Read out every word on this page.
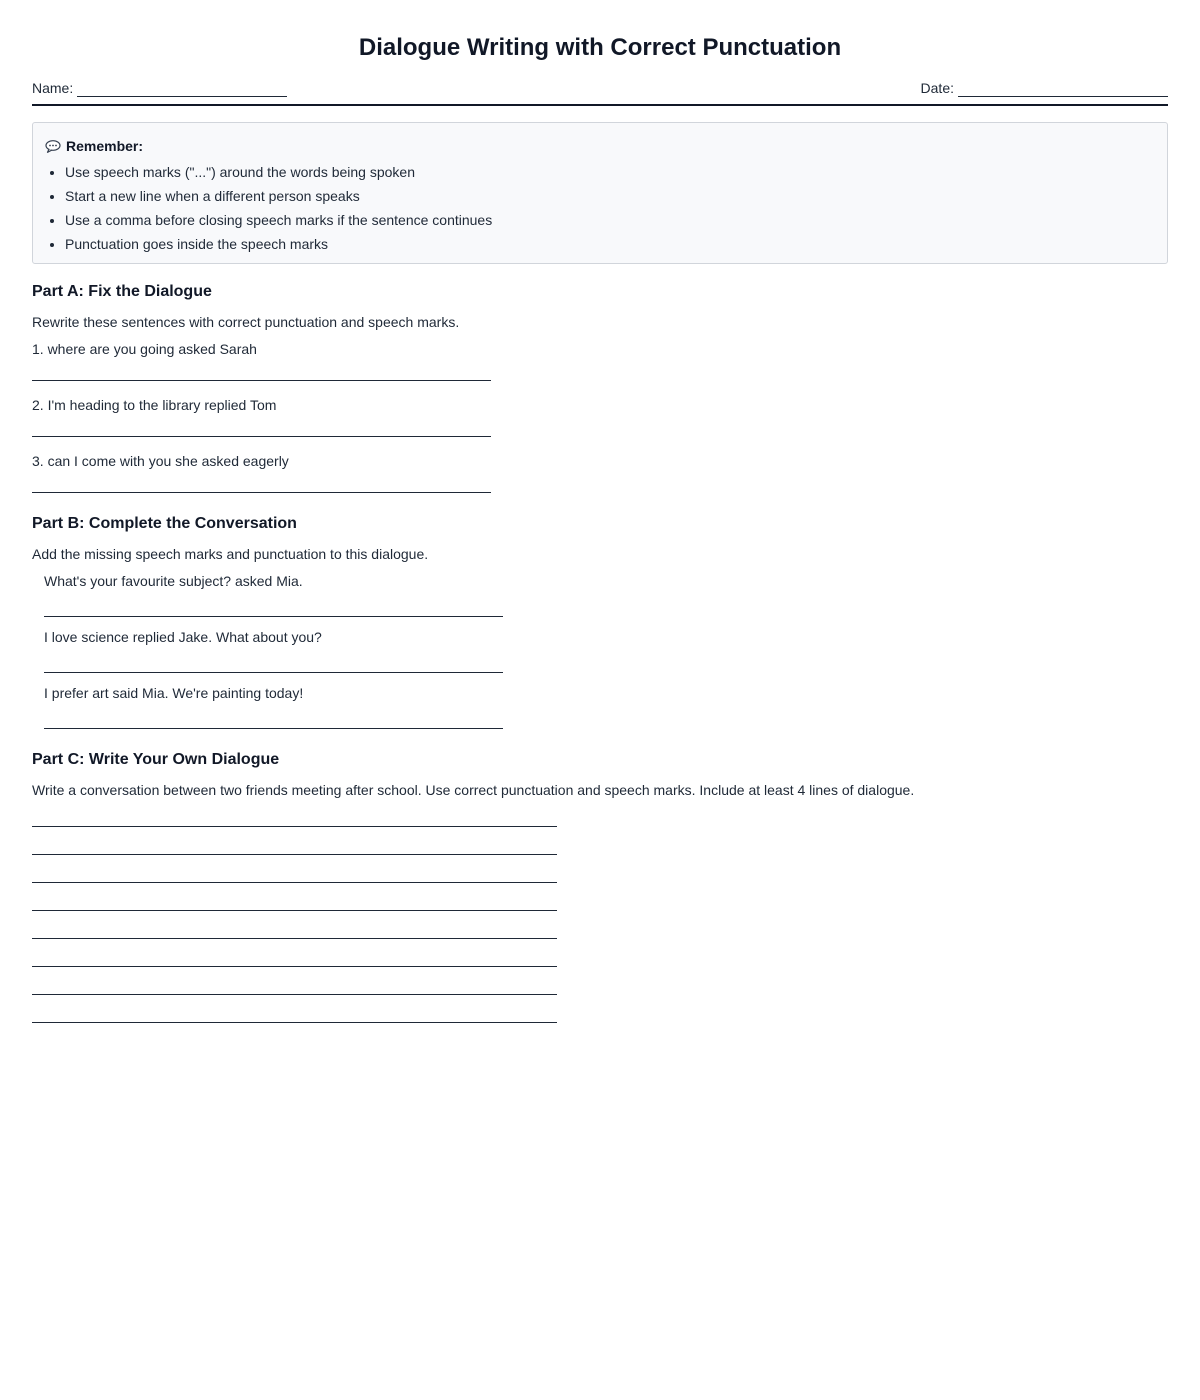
Dialogue Writing with Correct Punctuation
Name:	Date:
Remember:
• Use speech marks ("...") around the words being spoken
• Start a new line when a different person speaks
• Use a comma before closing speech marks if the sentence continues
• Punctuation goes inside the speech marks
Part A: Fix the Dialogue
Rewrite these sentences with correct punctuation and speech marks.
1. where are you going asked Sarah
2. I'm heading to the library replied Tom
3. can I come with you she asked eagerly
Part B: Complete the Conversation
Add the missing speech marks and punctuation to this dialogue.
What's your favourite subject? asked Mia.
I love science replied Jake. What about you?
I prefer art said Mia. We're painting today!
Part C: Write Your Own Dialogue
Write a conversation between two friends meeting after school. Use correct punctuation and speech marks. Include at least 4 lines of dialogue.
